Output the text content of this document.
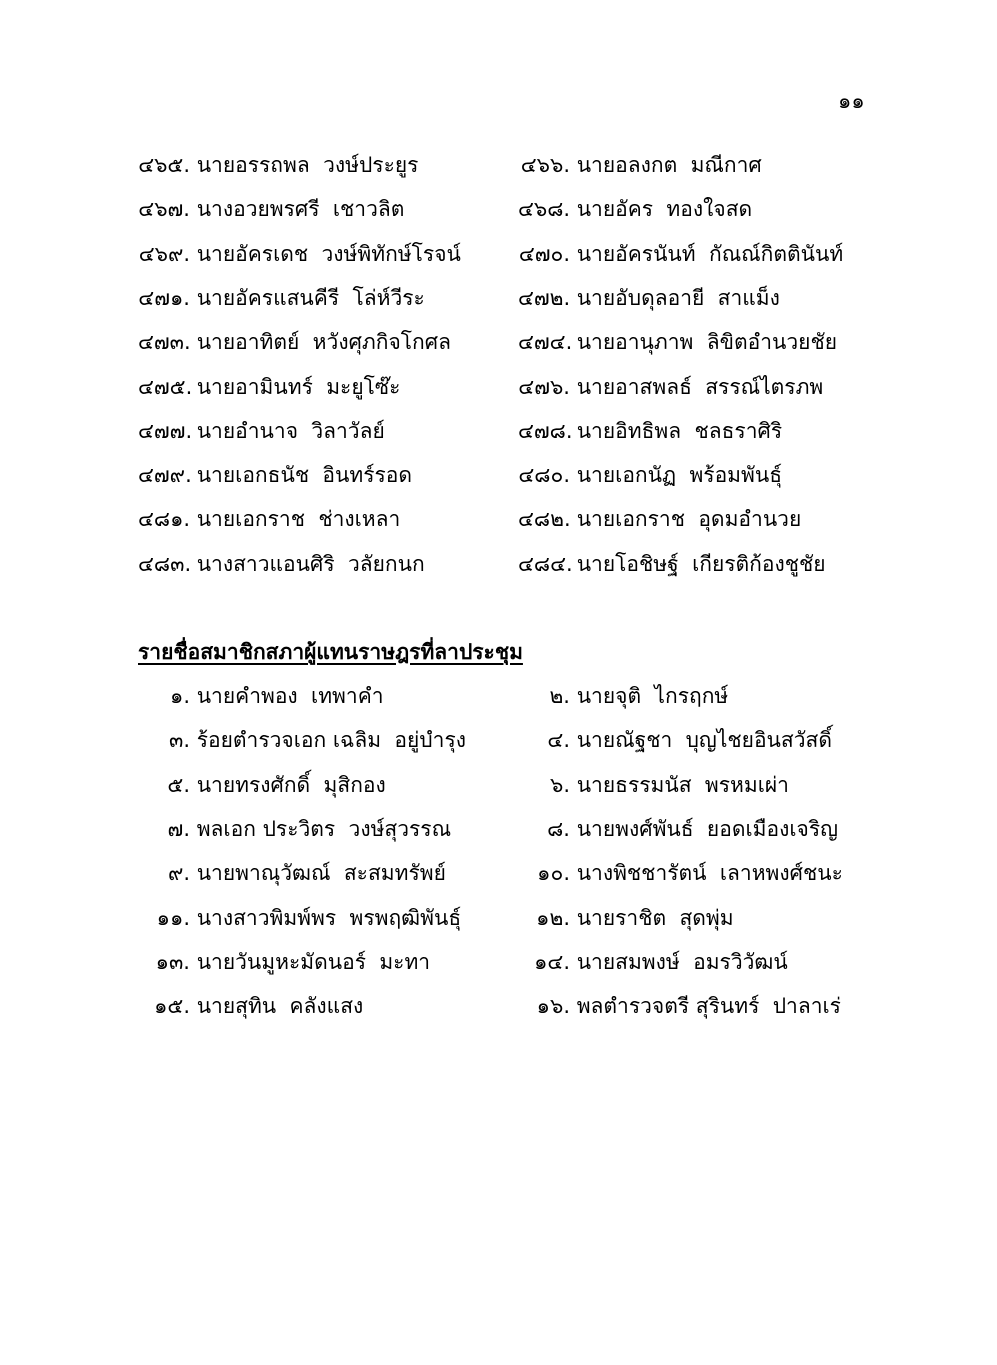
๑๑
๔๖๕. นายอรรถพล  วงษ์ประยูร	๔๖๖. นายอลงกต  มณีกาศ
๔๖๗. นางอวยพรศรี  เชาวลิต	๔๖๘. นายอัคร  ทองใจสด
๔๖๙. นายอัครเดช  วงษ์พิทักษ์โรจน์	๔๗๐. นายอัครนันท์  กัณณ์กิตตินันท์
๔๗๑. นายอัครแสนคีรี  โล่ห์วีระ	๔๗๒. นายอับดุลอายี  สาแม็ง
๔๗๓. นายอาทิตย์  หวังศุภกิจโกศล	๔๗๔. นายอานุภาพ  ลิขิตอำนวยชัย
๔๗๕. นายอามินทร์  มะยูโซ๊ะ	๔๗๖. นายอาสพลธ์  สรรณ์ไตรภพ
๔๗๗. นายอำนาจ  วิลาวัลย์	๔๗๘. นายอิทธิพล  ชลธราศิริ
๔๗๙. นายเอกธนัช  อินทร์รอด	๔๘๐. นายเอกนัฏ  พร้อมพันธุ์
๔๘๑. นายเอกราช  ช่างเหลา	๔๘๒. นายเอกราช  อุดมอำนวย
๔๘๓. นางสาวแอนศิริ  วลัยกนก	๔๘๔. นายโอชิษฐ์  เกียรติก้องชูชัย
รายชื่อสมาชิกสภาผู้แทนราษฎรที่ลาประชุม
๑. นายคำพอง  เทพาคำ	๒. นายจุติ  ไกรฤกษ์
๓. ร้อยตำรวจเอก เฉลิม  อยู่บำรุง	๔. นายณัฐชา  บุญไชยอินสวัสดิ์
๕. นายทรงศักดิ์  มุสิกอง	๖. นายธรรมนัส  พรหมเผ่า
๗. พลเอก ประวิตร  วงษ์สุวรรณ	๘. นายพงศ์พันธ์  ยอดเมืองเจริญ
๙. นายพาณุวัฒณ์  สะสมทรัพย์	๑๐. นางพิชชารัตน์  เลาหพงศ์ชนะ
๑๑. นางสาวพิมพ์พร  พรพฤฒิพันธุ์	๑๒. นายราชิต  สุดพุ่ม
๑๓. นายวันมูหะมัดนอร์  มะทา	๑๔. นายสมพงษ์  อมรวิวัฒน์
๑๕. นายสุทิน  คลังแสง	๑๖. พลตำรวจตรี สุรินทร์  ปาลาเร่
